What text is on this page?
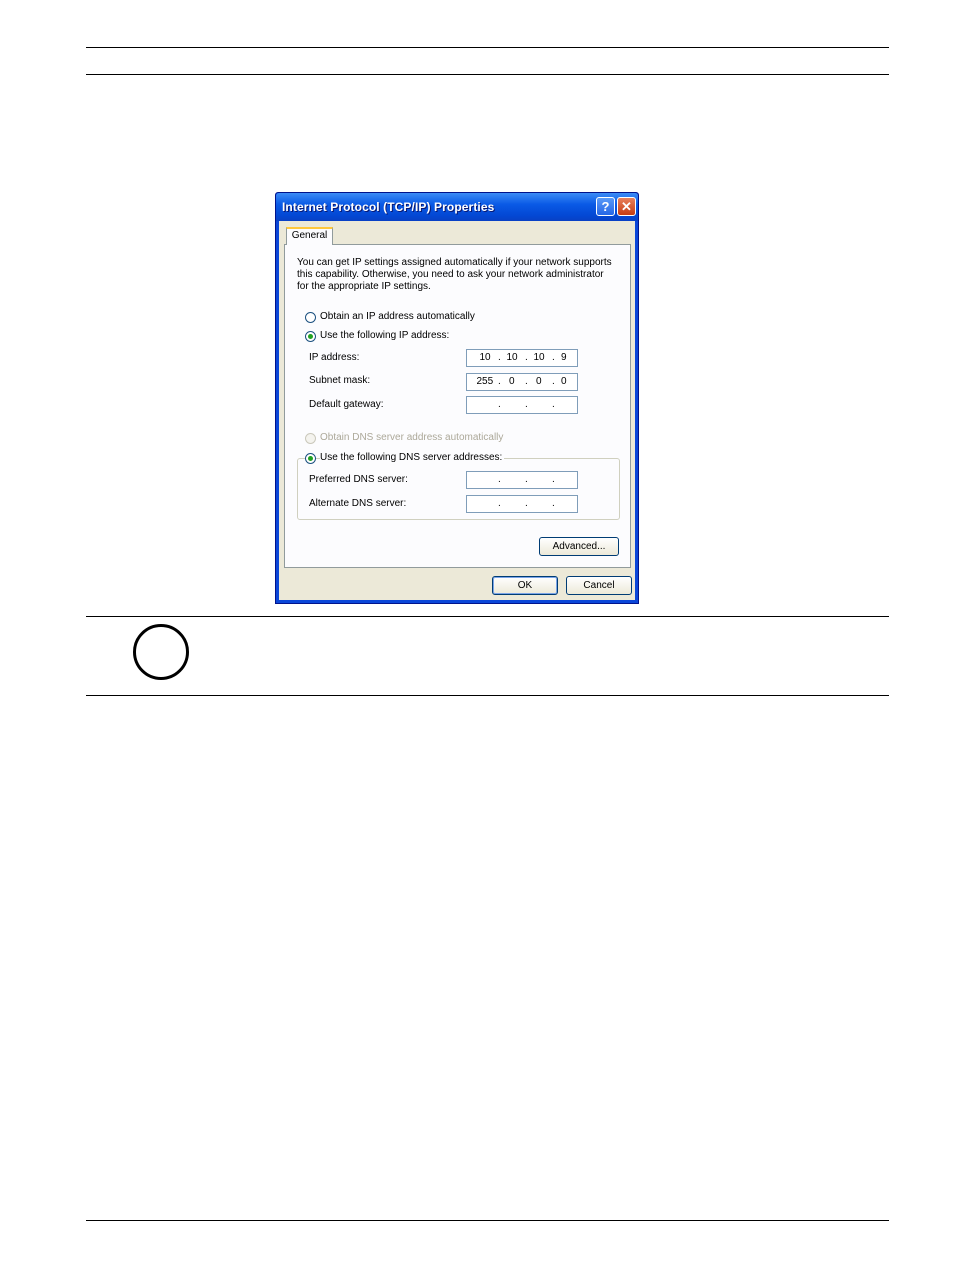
Internet Protocol (TCP/IP) Properties	? ✕
General
You can get IP settings assigned automatically if your network supports this capability. Otherwise, you need to ask your network administrator for the appropriate IP settings.
Obtain an IP address automatically
Use the following IP address:
IP address:	10 10 10 9
. . .
Subnet mask:	255 0 0 0
. . .
Default gateway:	. . .
Obtain DNS server address automatically
Use the following DNS server addresses:
Preferred DNS server:	. . .
Alternate DNS server:	. . .
Advanced...
OK	Cancel
